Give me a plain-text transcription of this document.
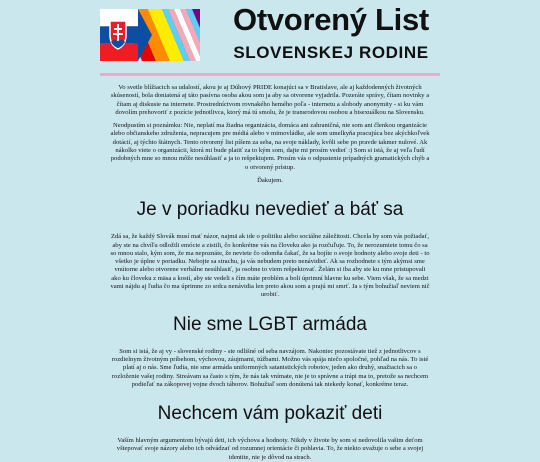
Otvorený List
SLOVENSKEJ RODINE

Vo svetle blížiacich sa udalostí, akou je aj Dúhový PRIDE konajúci sa v Bratislave, ale aj každodenných životných skúseností, bola doniatená aj táto pasívna osoba akou som ja aby sa otvorene vyjadrila. Pozeráte správy, čítam novinky a čítam aj diskusie na internete. Prostredníctvom rovnakého hemého poľa - internetu a slobody anonymity - si ku vám dovolím prehovoriť z pozície jednotlivca, ktorý má tú smolu, že je transrodovou osobou a bisexuálkou na Slovensku.

Neodpustím si poznámku: Nie, neplatí ma žiadna organizácia, domáca ani zahraničná, nie som ani členkou organizácie alebo občianskeho združenia, nepracujem pre médiá alebo v mimovládke, ale som umelkyňa pracujúca bez akýchkoľvek dotácií, aj týchto štátnych. Tento otvorený list píšem za seba, na svoje náklady, kvôli sebe po pravde takmer nulové. Ak nákolko viete o organizácii, ktorá mi bude platiť za to kým som, dajte mi prosím vedieť :) Som si istá, že aj veľa ľudí podobných mne so mnou môže nesúhlasiť a ja to rešpektujem. Prosím vás o odpustenie prípadných gramatických chýb a o otvorený prístup.

Ďakujem.

Je v poriadku nevedieť a báť sa

Zdá sa, že každý Slovák musí mať názor, najmä ak ide o politiku alebo sociálne záležitosti. Chcela by som vás požiadať, aby ste na chvíľu odložili emócie a zistili, čo konkrétne vás na človeku ako ja rozčuľuje. To, že nerozumiete tomu čo sa so mnou stalo, kým som, že ma nepoznáte, že neviete čo odomňa čakať, že sa bojíte o svoje hodnoty alebo svoje deti - to všetko je úplne v poriadku. Nebojte sa strachu, ja vás nebudem preto nenávidieť. Ak sa rozhodnete s tým akýmsi sme vnútorne alebo otvorene verbálne nesúhlasiť, ja osobne to viem rešpektovať. Želám si iba aby ste ku mne pristupovali ako ku človeku z mäsa a kostí, aby ste vedeli s čím máte problém a boli úprimní hlavne ku sebe. Viem však, že sa medzi vami nájdu aj ľudia čo ma úprimne zo srdca nenávidia len preto akou som a prajú mi smrť. Ja s tým bohužiaľ neviem nič urobiť.

Nie sme LGBT armáda

Som si istá, že aj vy - slovenské rodiny - ste odlišné od seba navzájom. Nakoniec pozostávate tiež z jednotlivcov s rozdielnym životným príbehom, výchovou, záujmami, túžbami. Možno vás spája niečo spoločné, pohľad na nás. To isté platí aj o nás. Sme ľudia, nie sme armáda uniformných satanistických robotov, jeden ako druhý, snažiacich sa o rozloženie vašej rodiny. Streávam sa často s tým, že nás tak vnímate, nie je to správne a trápi ma to, pretože sa nechcem podieľať na zákopovej vojne dvoch táborov. Bohužiaľ som donútená tak niekedy konať, konkrétne teraz.

Nechcem vám pokaziť deti

Vaším hlavným argumentom bývajú deti, ich výchova a hodnoty. Nikdy v živote by som si nedovolila vašim deťom vštepovať svoje názory alebo ich odvádzať od rozumnej orientácie či pohlavia. To, že niekto uvažuje o sebe a svojej identite, nie je dôvod na strach.
